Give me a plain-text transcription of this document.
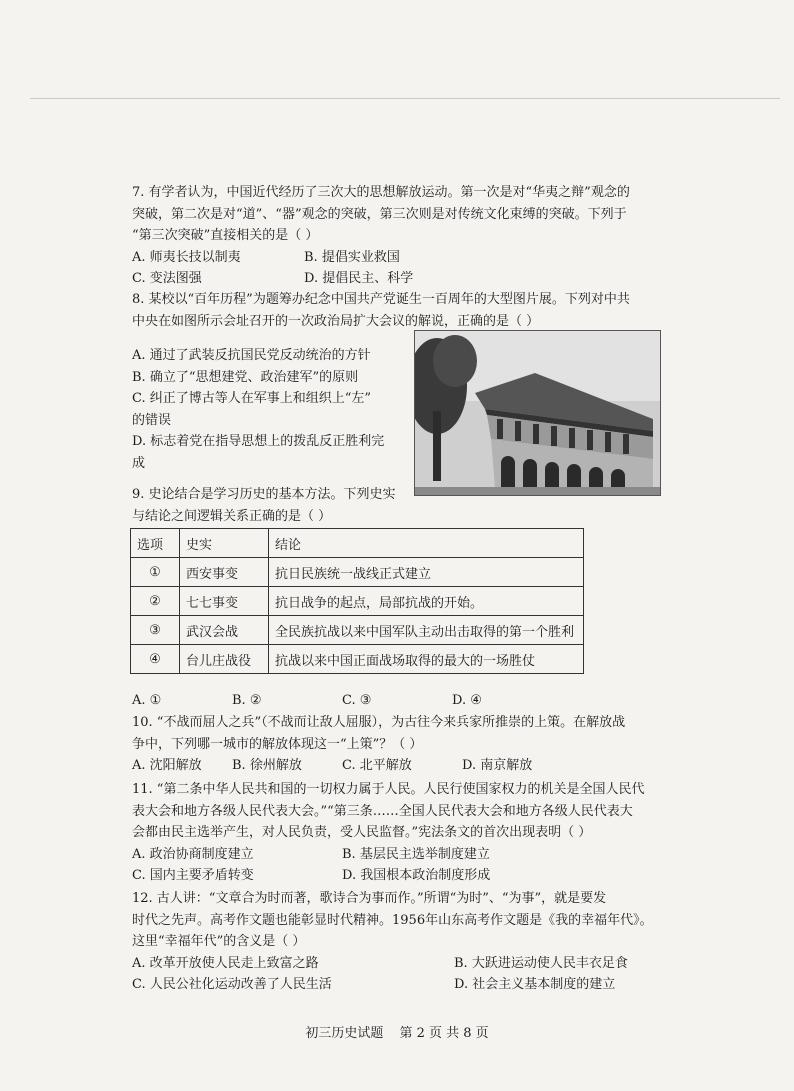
7. 有学者认为，中国近代经历了三次大的思想解放运动。第一次是对“华夷之辩”观念的

突破，第二次是对“道”、“器”观念的突破，第三次则是对传统文化束缚的突破。下列于

“第三次突破”直接相关的是（ ）

A. 师夷长技以制夷	B. 提倡实业救国
C. 变法图强	D. 提倡民主、科学

8. 某校以“百年历程”为题筹办纪念中国共产党诞生一百周年的大型图片展。下列对中共

中央在如图所示会址召开的一次政治局扩大会议的解说，正确的是（ ）

A. 通过了武装反抗国民党反动统治的方针

B. 确立了“思想建党、政治建军”的原则

C. 纠正了博古等人在军事上和组织上“左”

的错误

D. 标志着党在指导思想上的拨乱反正胜利完

成

9. 史论结合是学习历史的基本方法。下列史实

与结论之间逻辑关系正确的是（ ）

选项	史实	结论
①	西安事变	抗日民族统一战线正式建立
②	七七事变	抗日战争的起点，局部抗战的开始。
③	武汉会战	全民族抗战以来中国军队主动出击取得的第一个胜利
④	台儿庄战役	抗战以来中国正面战场取得的最大的一场胜仗
A. ①	B. ②	C. ③	D. ④

10. “不战而屈人之兵”（不战而让敌人屈服），为古往今来兵家所推崇的上策。在解放战

争中，下列哪一城市的解放体现这一“上策”？（ ）

A. 沈阳解放 B. 徐州解放	C. 北平解放	D. 南京解放

11. “第二条中华人民共和国的一切权力属于人民。人民行使国家权力的机关是全国人民代

表大会和地方各级人民代表大会。”“第三条……全国人民代表大会和地方各级人民代表大

会都由民主选举产生，对人民负责，受人民监督。”宪法条文的首次出现表明（ ）

A. 政治协商制度建立	B. 基层民主选举制度建立
C. 国内主要矛盾转变	D. 我国根本政治制度形成

12. 古人讲：“文章合为时而著，歌诗合为事而作。”所谓“为时”、“为事”，就是要发

时代之先声。高考作文题也能彰显时代精神。1956年山东高考作文题是《我的幸福年代》。

这里“幸福年代”的含义是（ ）

A. 改革开放使人民走上致富之路	B. 大跃进运动使人民丰衣足食
C. 人民公社化运动改善了人民生活	D. 社会主义基本制度的建立
初三历史试题 第 2 页 共 8 页
